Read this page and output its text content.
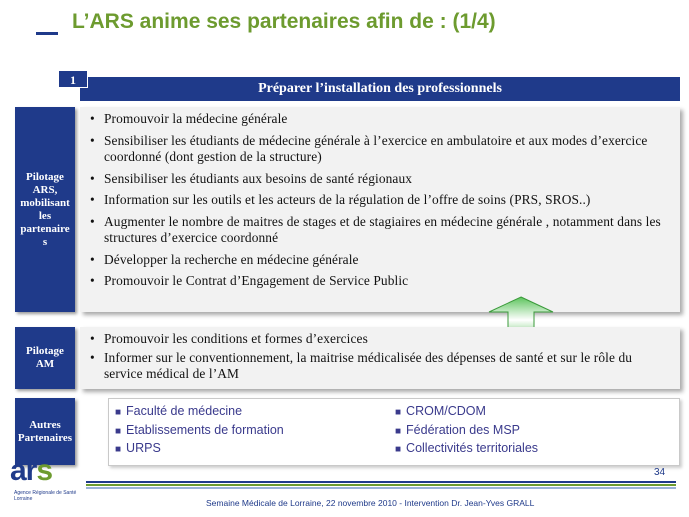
L’ARS anime ses partenaires afin de : (1/4)
1
Préparer l’installation des professionnels
Pilotage ARS, mobilisant les partenaire s
• Promouvoir la médecine générale
• Sensibiliser les étudiants de médecine générale à l’exercice en ambulatoire et aux modes d’exercice coordonné (dont gestion de la structure)
• Sensibiliser les étudiants aux besoins de santé régionaux
• Information sur les outils et les acteurs de la régulation de l’offre de soins (PRS, SROS..)
• Augmenter le nombre de maitres de stages et de stagiaires en médecine générale , notamment dans les structures d’exercice coordonné
• Développer la recherche en médecine générale
• Promouvoir le Contrat d’Engagement de Service Public
Pilotage AM
• Promouvoir les conditions et formes d’exercices
• Informer sur le conventionnement, la maitrise médicalisée des dépenses de santé et sur le rôle du service médical de l’AM
Autres Partenaires
■ Faculté de médecine
■ Etablissements de formation
■ URPS
■ CROM/CDOM
■ Fédération des MSP
■ Collectivités territoriales
ars
Agence Régionale de Santé
Lorraine
34
Semaine Médicale de Lorraine, 22 novembre 2010 - Intervention Dr. Jean-Yves GRALL
